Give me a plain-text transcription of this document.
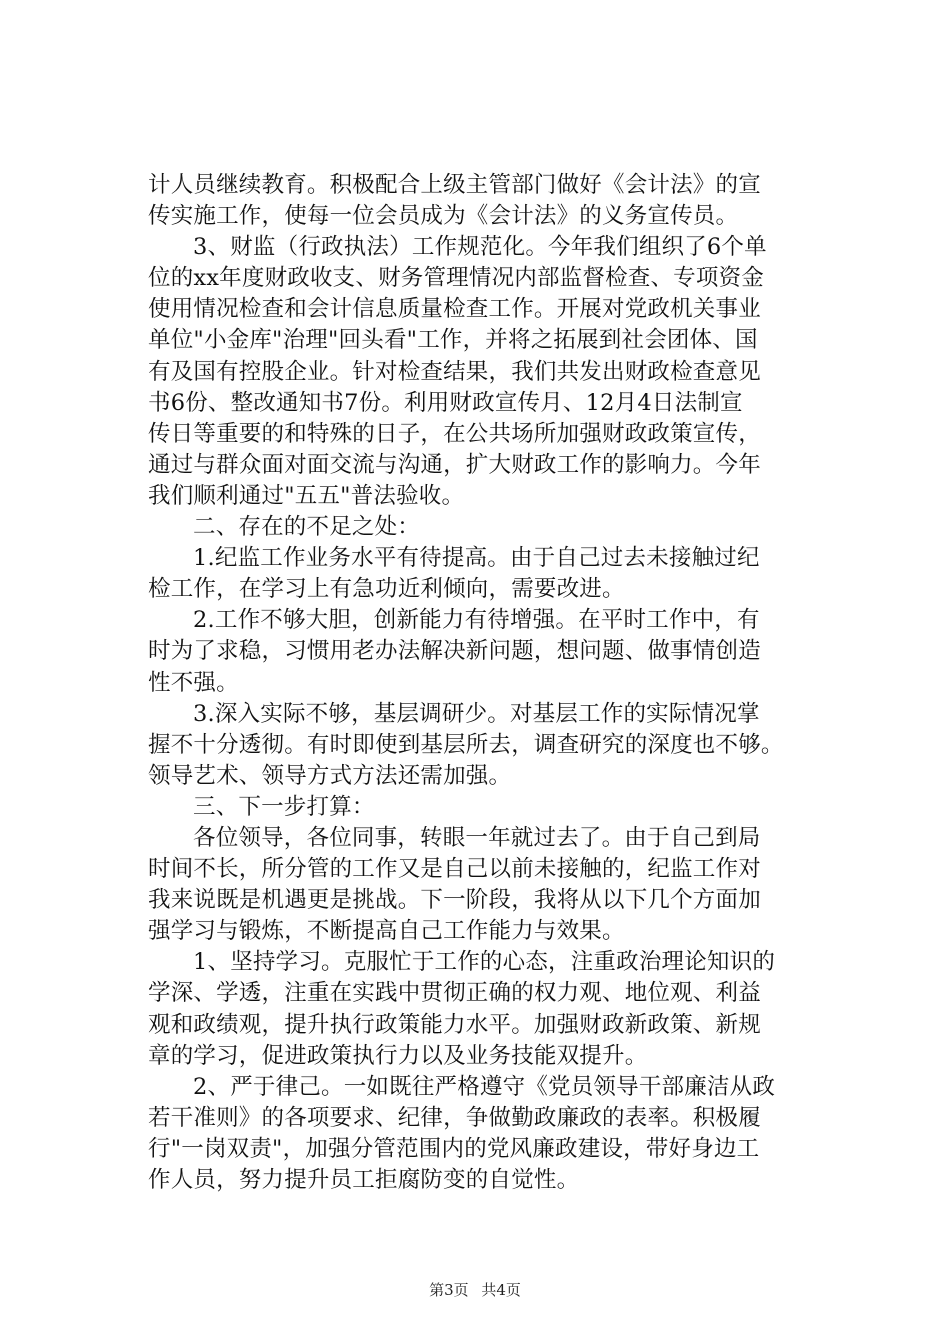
计人员继续教育。积极配合上级主管部门做好《会计法》的宣
传实施工作，使每一位会员成为《会计法》的义务宣传员。
3、财监（行政执法）工作规范化。今年我们组织了6个单
位的xx年度财政收支、财务管理情况内部监督检查、专项资金
使用情况检查和会计信息质量检查工作。开展对党政机关事业
单位"小金库"治理"回头看"工作，并将之拓展到社会团体、国
有及国有控股企业。针对检查结果，我们共发出财政检查意见
书6份、整改通知书7份。利用财政宣传月、12月4日法制宣
传日等重要的和特殊的日子，在公共场所加强财政政策宣传，
通过与群众面对面交流与沟通，扩大财政工作的影响力。今年
我们顺利通过"五五"普法验收。
二、存在的不足之处：
1.纪监工作业务水平有待提高。由于自己过去未接触过纪
检工作，在学习上有急功近利倾向，需要改进。
2.工作不够大胆，创新能力有待增强。在平时工作中，有
时为了求稳，习惯用老办法解决新问题，想问题、做事情创造
性不强。
3.深入实际不够，基层调研少。对基层工作的实际情况掌
握不十分透彻。有时即使到基层所去，调查研究的深度也不够。
领导艺术、领导方式方法还需加强。
三、下一步打算：
各位领导，各位同事，转眼一年就过去了。由于自己到局
时间不长，所分管的工作又是自己以前未接触的，纪监工作对
我来说既是机遇更是挑战。下一阶段，我将从以下几个方面加
强学习与锻炼，不断提高自己工作能力与效果。
1、坚持学习。克服忙于工作的心态，注重政治理论知识的
学深、学透，注重在实践中贯彻正确的权力观、地位观、利益
观和政绩观，提升执行政策能力水平。加强财政新政策、新规
章的学习，促进政策执行力以及业务技能双提升。
2、严于律己。一如既往严格遵守《党员领导干部廉洁从政
若干准则》的各项要求、纪律，争做勤政廉政的表率。积极履
行"一岗双责"，加强分管范围内的党风廉政建设，带好身边工
作人员，努力提升员工拒腐防变的自觉性。
第3页 共4页
